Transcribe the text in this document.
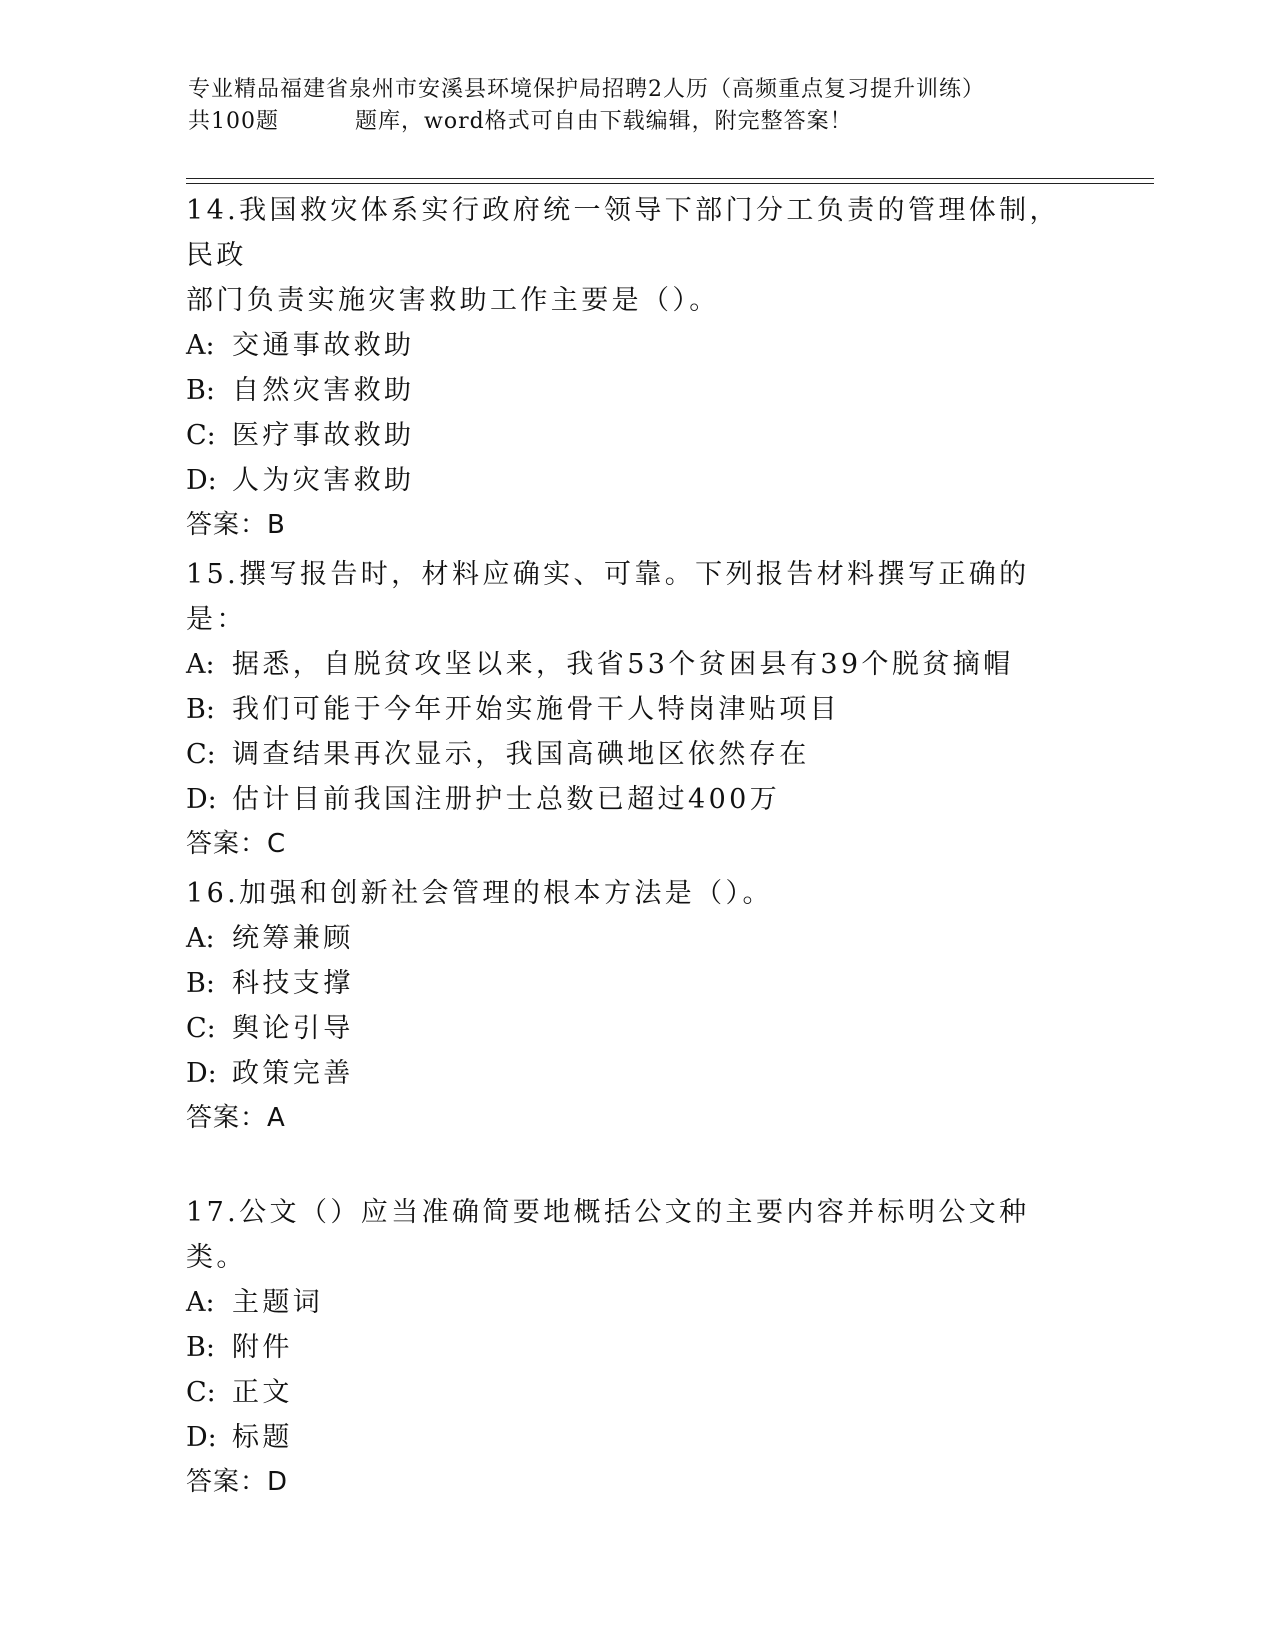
专业精品福建省泉州市安溪县环境保护局招聘2人历（高频重点复习提升训练）
共100题	题库，word格式可自由下载编辑，附完整答案！

14.我国救灾体系实行政府统一领导下部门分工负责的管理体制，民政

部门负责实施灾害救助工作主要是（）。

A: 交通事故救助

B: 自然灾害救助

C: 医疗事故救助

D: 人为灾害救助

答案：B

15.撰写报告时，材料应确实、可靠。下列报告材料撰写正确的是：

A: 据悉，自脱贫攻坚以来，我省53个贫困县有39个脱贫摘帽

B: 我们可能于今年开始实施骨干人特岗津贴项目

C: 调查结果再次显示，我国高碘地区依然存在

D: 估计目前我国注册护士总数已超过400万

答案：C

16.加强和创新社会管理的根本方法是（）。

A: 统筹兼顾

B: 科技支撑

C: 舆论引导

D: 政策完善

答案：A

17.公文（）应当准确简要地概括公文的主要内容并标明公文种类。

A: 主题词

B: 附件

C: 正文

D: 标题

答案：D
